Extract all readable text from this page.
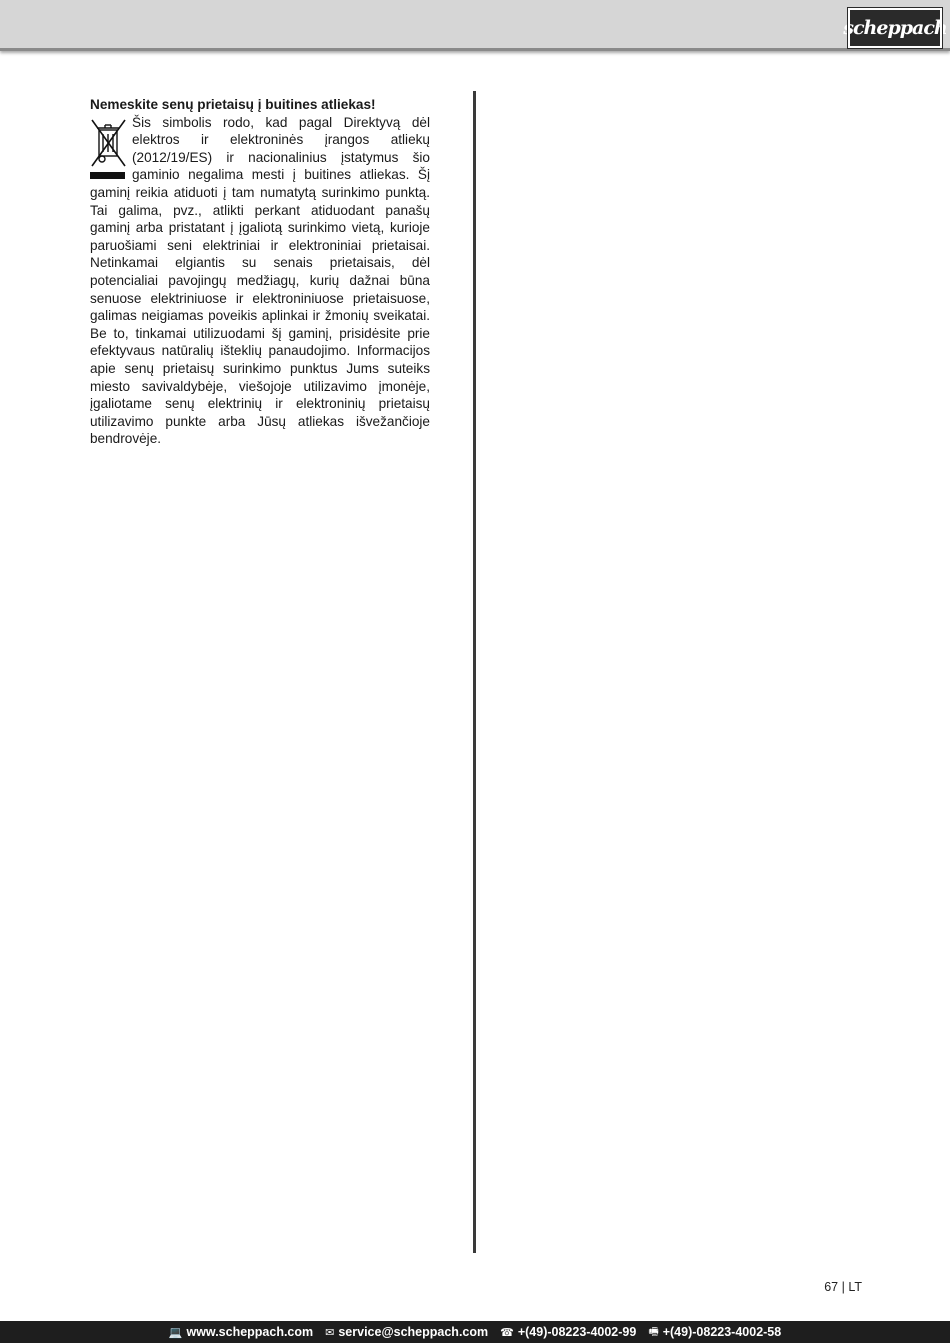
scheppach

Nemeskite senų prietaisų į buitines atliekas!

Šis simbolis rodo, kad pagal Direktyvą dėl elektros ir elektroninės įrangos atliekų (2012/19/ES) ir nacionalinius įstatymus šio gaminio negalima mesti į buitines atliekas. Šį gaminį reikia atiduoti į tam numatytą surinkimo punktą. Tai galima, pvz., atlikti perkant atiduodant panašų gaminį arba pristatant į įgaliotą surinkimo vietą, kurioje paruošiami seni elektriniai ir elektroniniai prietaisai. Netinkamai elgiantis su senais prietaisais, dėl potencialiai pavojingų medžiagų, kurių dažnai būna senuose elektriniuose ir elektroniniuose prietaisuose, galimas neigiamas poveikis aplinkai ir žmonių sveikatai. Be to, tinkamai utilizuodami šį gaminį, prisidėsite prie efektyvaus natūralių išteklių panaudojimo. Informacijos apie senų prietaisų surinkimo punktus Jums suteiks miesto savivaldybėje, viešojoje utilizavimo įmonėje, įgaliotame senų elektrinių ir elektroninių prietaisų utilizavimo punkte arba Jūsų atliekas išvežančioje bendrovėje.

67 | LT
💻 www.scheppach.com ✉ service@scheppach.com ☎ +(49)-08223-4002-99 🖷 +(49)-08223-4002-58
